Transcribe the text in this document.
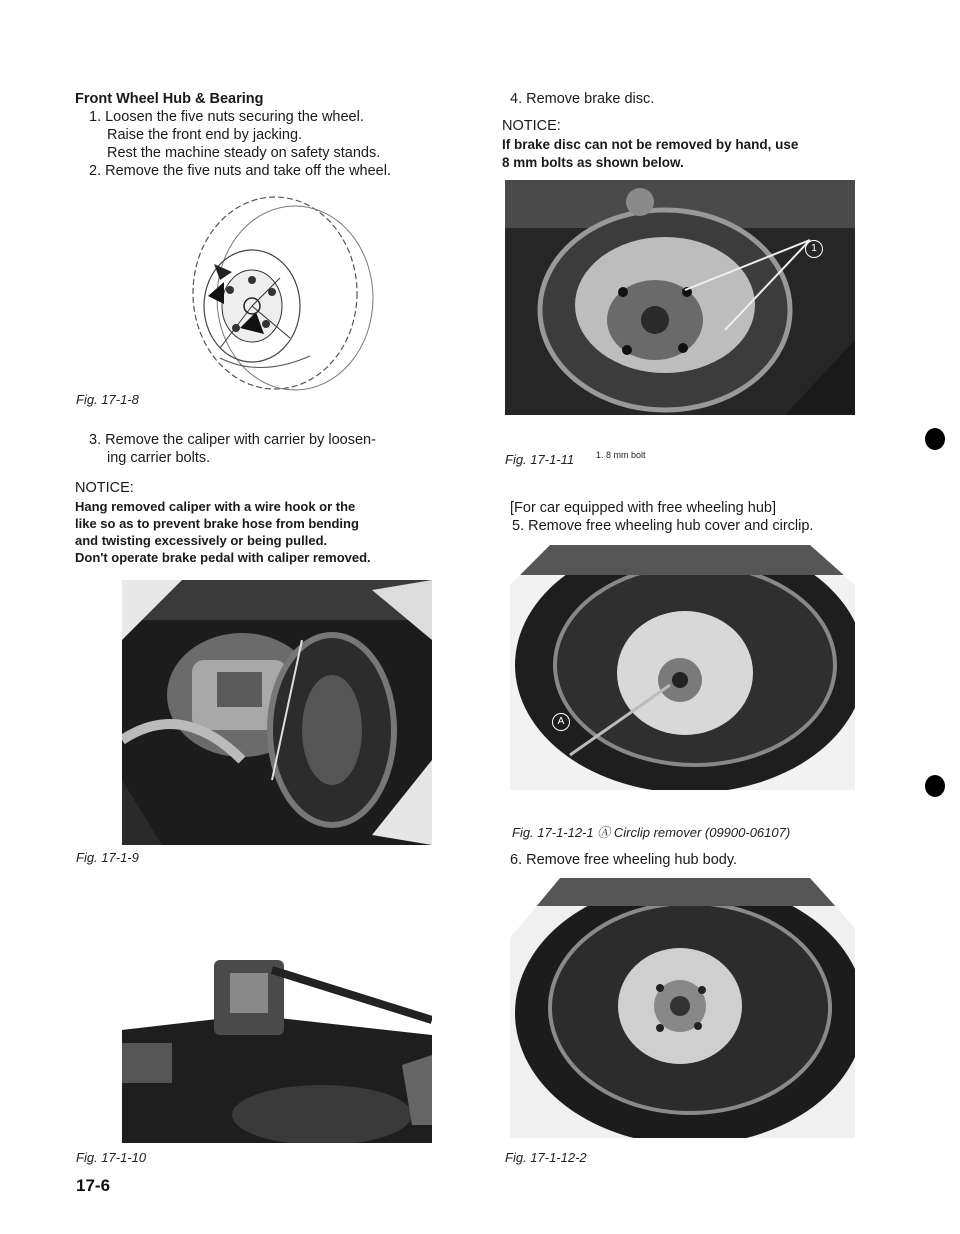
Front Wheel Hub & Bearing
1. Loosen the five nuts securing the wheel.
Raise the front end by jacking.
Rest the machine steady on safety stands.
2. Remove the five nuts and take off the wheel.
Fig. 17-1-8
3. Remove the caliper with carrier by loosen-
ing carrier bolts.
NOTICE:
Hang removed caliper with a wire hook or the
like so as to prevent brake hose from bending
and twisting excessively or being pulled.
Don't operate brake pedal with caliper removed.
Fig. 17-1-9
Fig. 17-1-10
17-6
4. Remove brake disc.
NOTICE:
If brake disc can not be removed by hand, use
8 mm bolts as shown below.
1
Fig. 17-1-11 1. 8 mm bolt
[For car equipped with free wheeling hub]
5. Remove free wheeling hub cover and circlip.
A
Fig. 17-1-12-1 Ⓐ Circlip remover (09900-06107)
6. Remove free wheeling hub body.
Fig. 17-1-12-2
